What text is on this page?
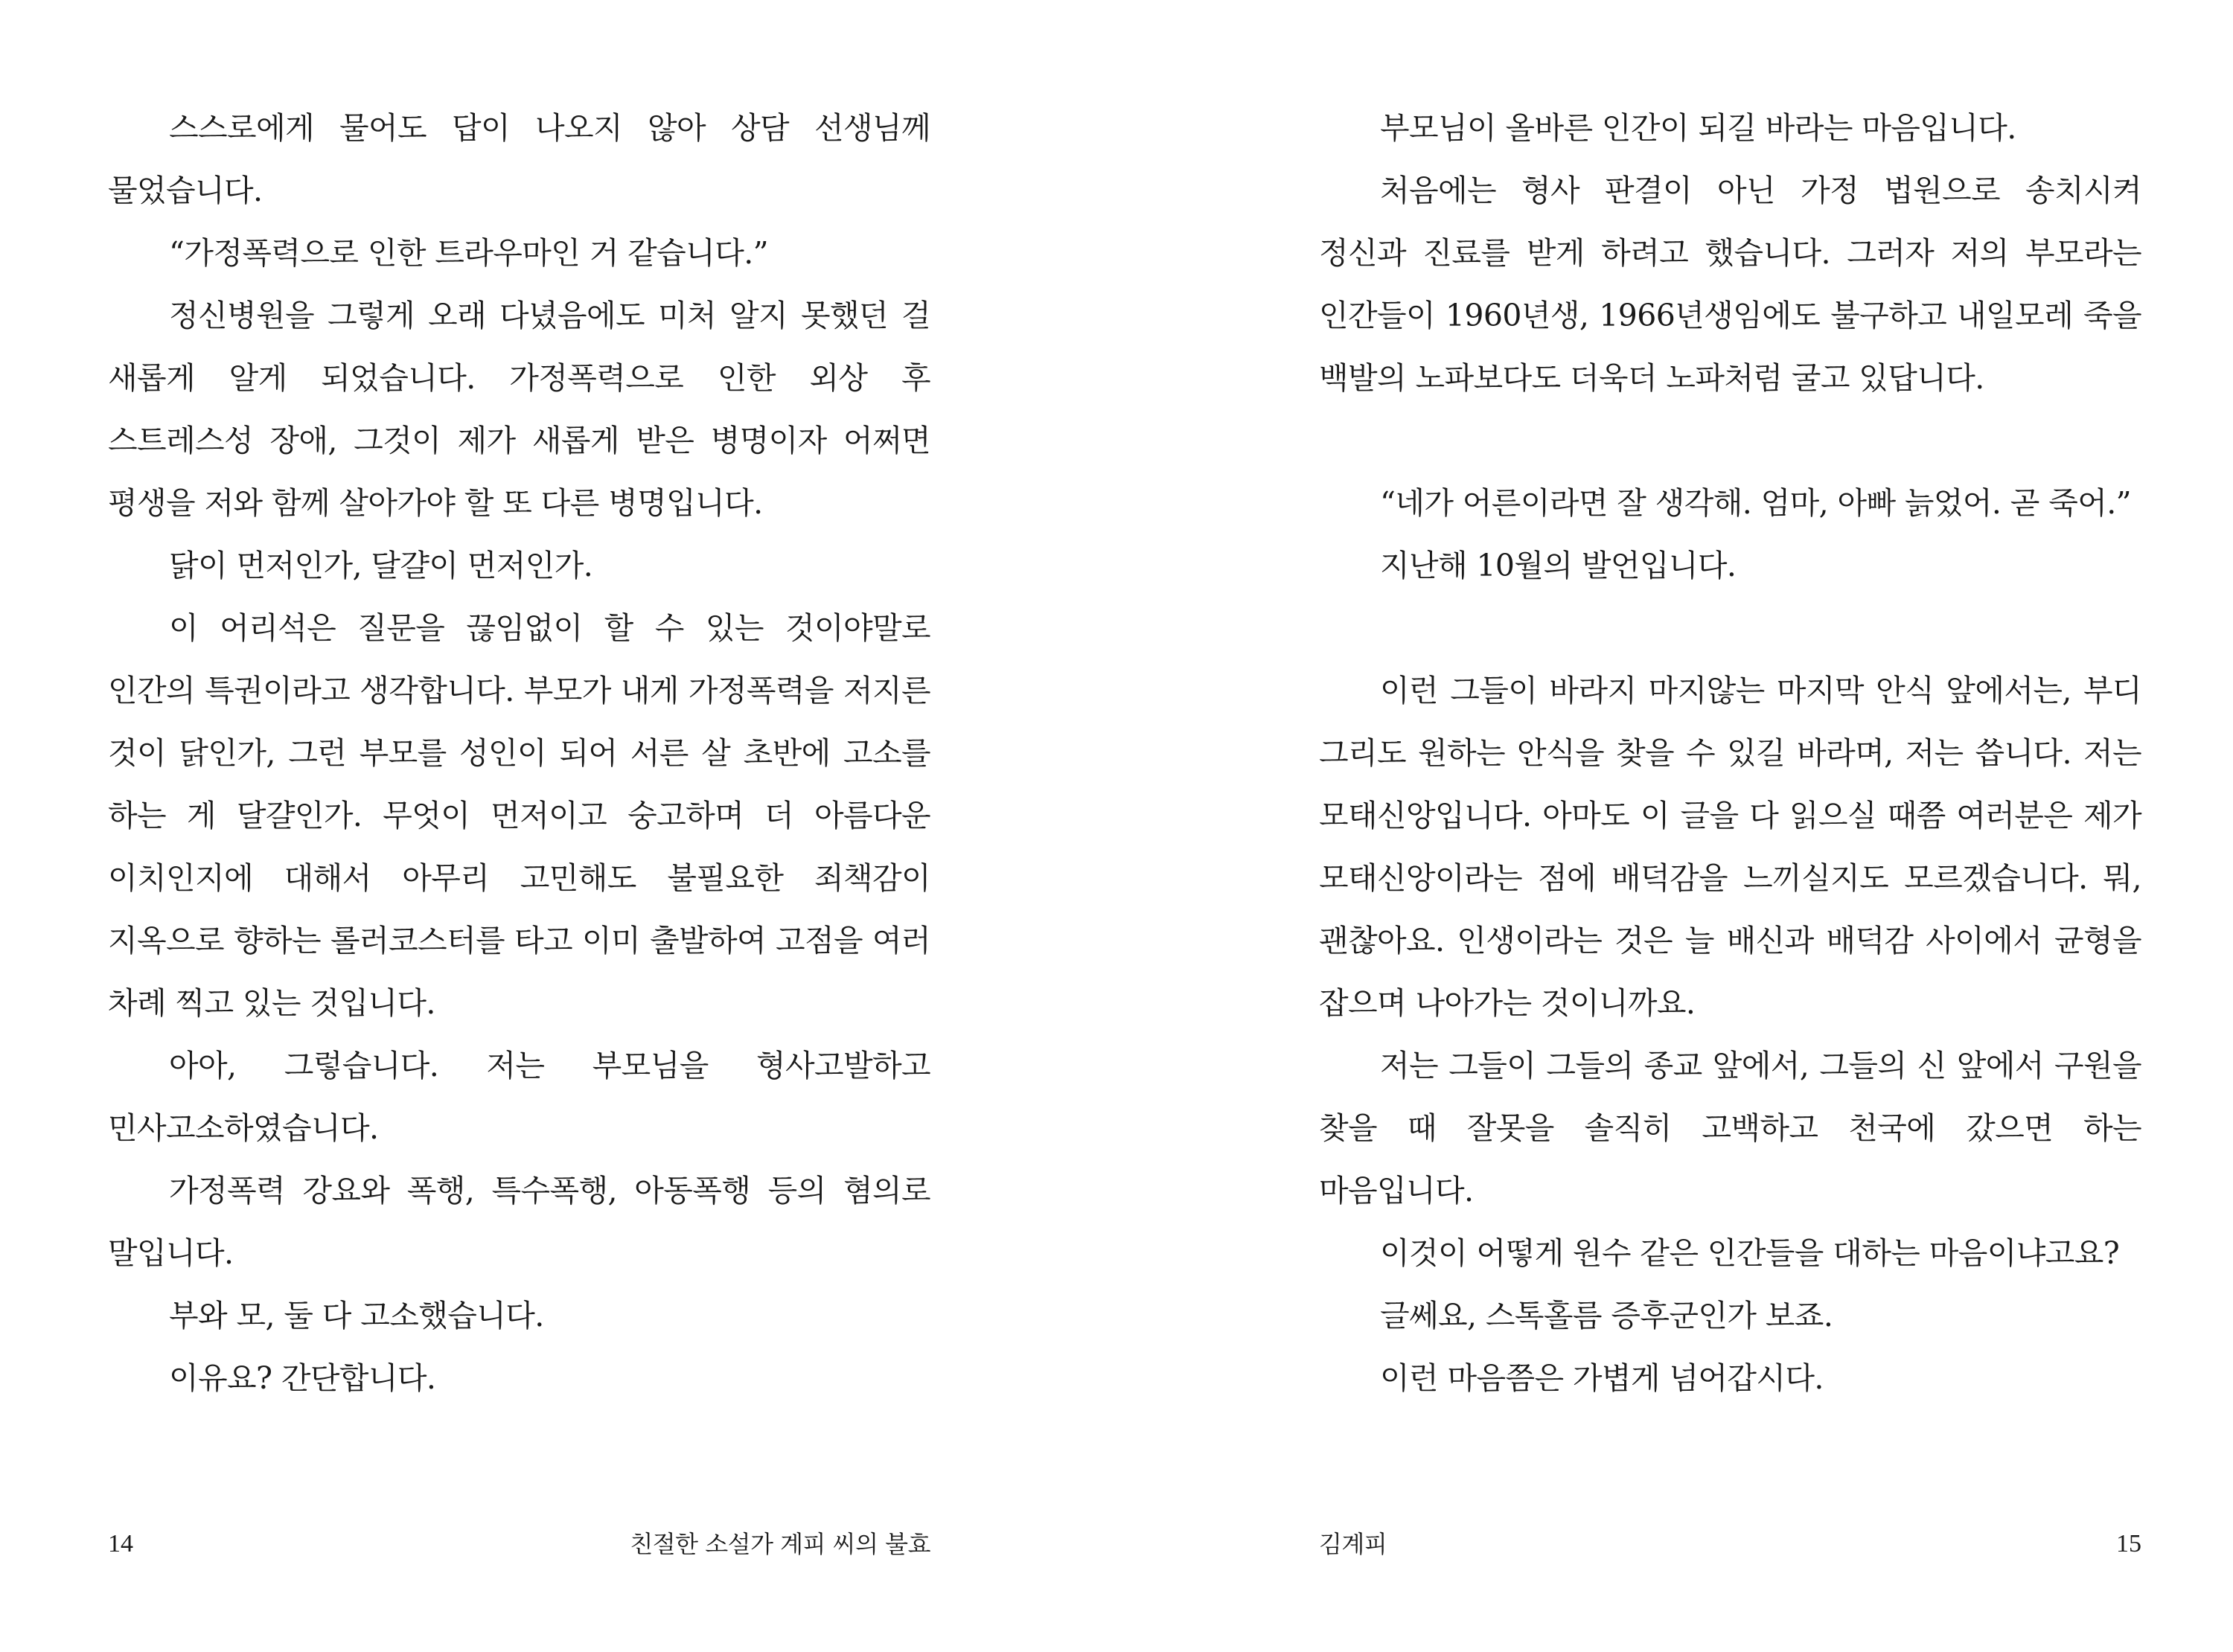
스스로에게 물어도 답이 나오지 않아 상담 선생님께 물었습니다.

“가정폭력으로 인한 트라우마인 거 같습니다.”

정신병원을 그렇게 오래 다녔음에도 미처 알지 못했던 걸 새롭게 알게 되었습니다. 가정폭력으로 인한 외상 후 스트레스성 장애, 그것이 제가 새롭게 받은 병명이자 어쩌면 평생을 저와 함께 살아가야 할 또 다른 병명입니다.

닭이 먼저인가, 달걀이 먼저인가.

이 어리석은 질문을 끊임없이 할 수 있는 것이야말로 인간의 특권이라고 생각합니다. 부모가 내게 가정폭력을 저지른 것이 닭인가, 그런 부모를 성인이 되어 서른 살 초반에 고소를 하는 게 달걀인가. 무엇이 먼저이고 숭고하며 더 아름다운 이치인지에 대해서 아무리 고민해도 불필요한 죄책감이 지옥으로 향하는 롤러코스터를 타고 이미 출발하여 고점을 여러 차례 찍고 있는 것입니다.

아아, 그렇습니다. 저는 부모님을 형사고발하고 민사고소하였습니다.

가정폭력 강요와 폭행, 특수폭행, 아동폭행 등의 혐의로 말입니다.

부와 모, 둘 다 고소했습니다.

이유요? 간단합니다.

14	친절한 소설가 계피 씨의 불효

부모님이 올바른 인간이 되길 바라는 마음입니다.

처음에는 형사 판결이 아닌 가정 법원으로 송치시켜 정신과 진료를 받게 하려고 했습니다. 그러자 저의 부모라는 인간들이 1960년생, 1966년생임에도 불구하고 내일모레 죽을 백발의 노파보다도 더욱더 노파처럼 굴고 있답니다.

“네가 어른이라면 잘 생각해. 엄마, 아빠 늙었어. 곧 죽어.”

지난해 10월의 발언입니다.

이런 그들이 바라지 마지않는 마지막 안식 앞에서는, 부디 그리도 원하는 안식을 찾을 수 있길 바라며, 저는 씁니다. 저는 모태신앙입니다. 아마도 이 글을 다 읽으실 때쯤 여러분은 제가 모태신앙이라는 점에 배덕감을 느끼실지도 모르겠습니다. 뭐, 괜찮아요. 인생이라는 것은 늘 배신과 배덕감 사이에서 균형을 잡으며 나아가는 것이니까요.

저는 그들이 그들의 종교 앞에서, 그들의 신 앞에서 구원을 찾을 때 잘못을 솔직히 고백하고 천국에 갔으면 하는 마음입니다.

이것이 어떻게 원수 같은 인간들을 대하는 마음이냐고요?

글쎄요, 스톡홀름 증후군인가 보죠.

이런 마음쯤은 가볍게 넘어갑시다.

김계피	15
